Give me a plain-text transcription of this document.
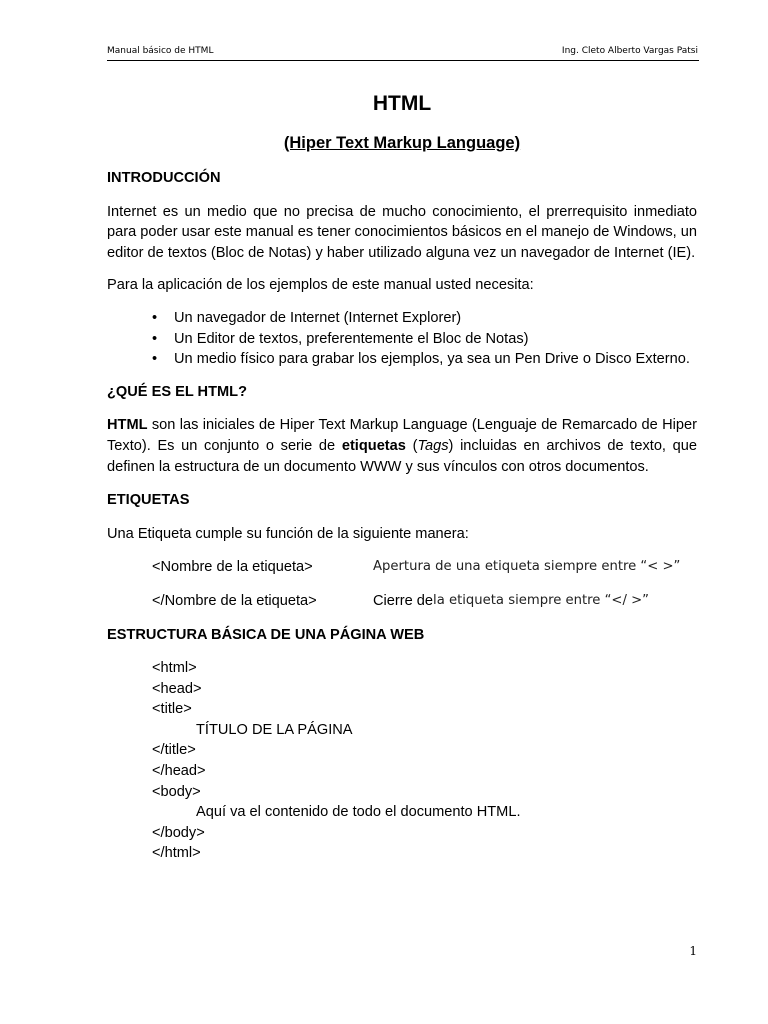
Manual básico de HTML	Ing. Cleto Alberto Vargas Patsi
HTML
(Hiper Text Markup Language)
INTRODUCCIÓN

Internet es un medio que no precisa de mucho conocimiento, el prerrequisito inmediato para poder usar este manual es tener conocimientos básicos en el manejo de Windows, un editor de textos (Bloc de Notas) y haber utilizado alguna vez un navegador de Internet (IE).

Para la aplicación de los ejemplos de este manual usted necesita:

• Un navegador de Internet (Internet Explorer)
• Un Editor de textos, preferentemente el Bloc de Notas)
• Un medio físico para grabar los ejemplos, ya sea un Pen Drive o Disco Externo.
¿QUÉ ES EL HTML?

HTML son las iniciales de Hiper Text Markup Language (Lenguaje de Remarcado de Hiper Texto). Es un conjunto o serie de etiquetas (Tags) incluidas en archivos de texto, que definen la estructura de un documento WWW y sus vínculos con otros documentos.

ETIQUETAS

Una Etiqueta cumple su función de la siguiente manera:

<Nombre de la etiqueta>	Apertura de una etiqueta siempre entre “< >”
</Nombre de la etiqueta>	Cierre de la etiqueta siempre entre “</ >”
ESTRUCTURA BÁSICA DE UNA PÁGINA WEB
<html>
<head>
<title>
TÍTULO DE LA PÁGINA
</title>
</head>
<body>
Aquí va el contenido de todo el documento HTML.
</body>
</html>
1
